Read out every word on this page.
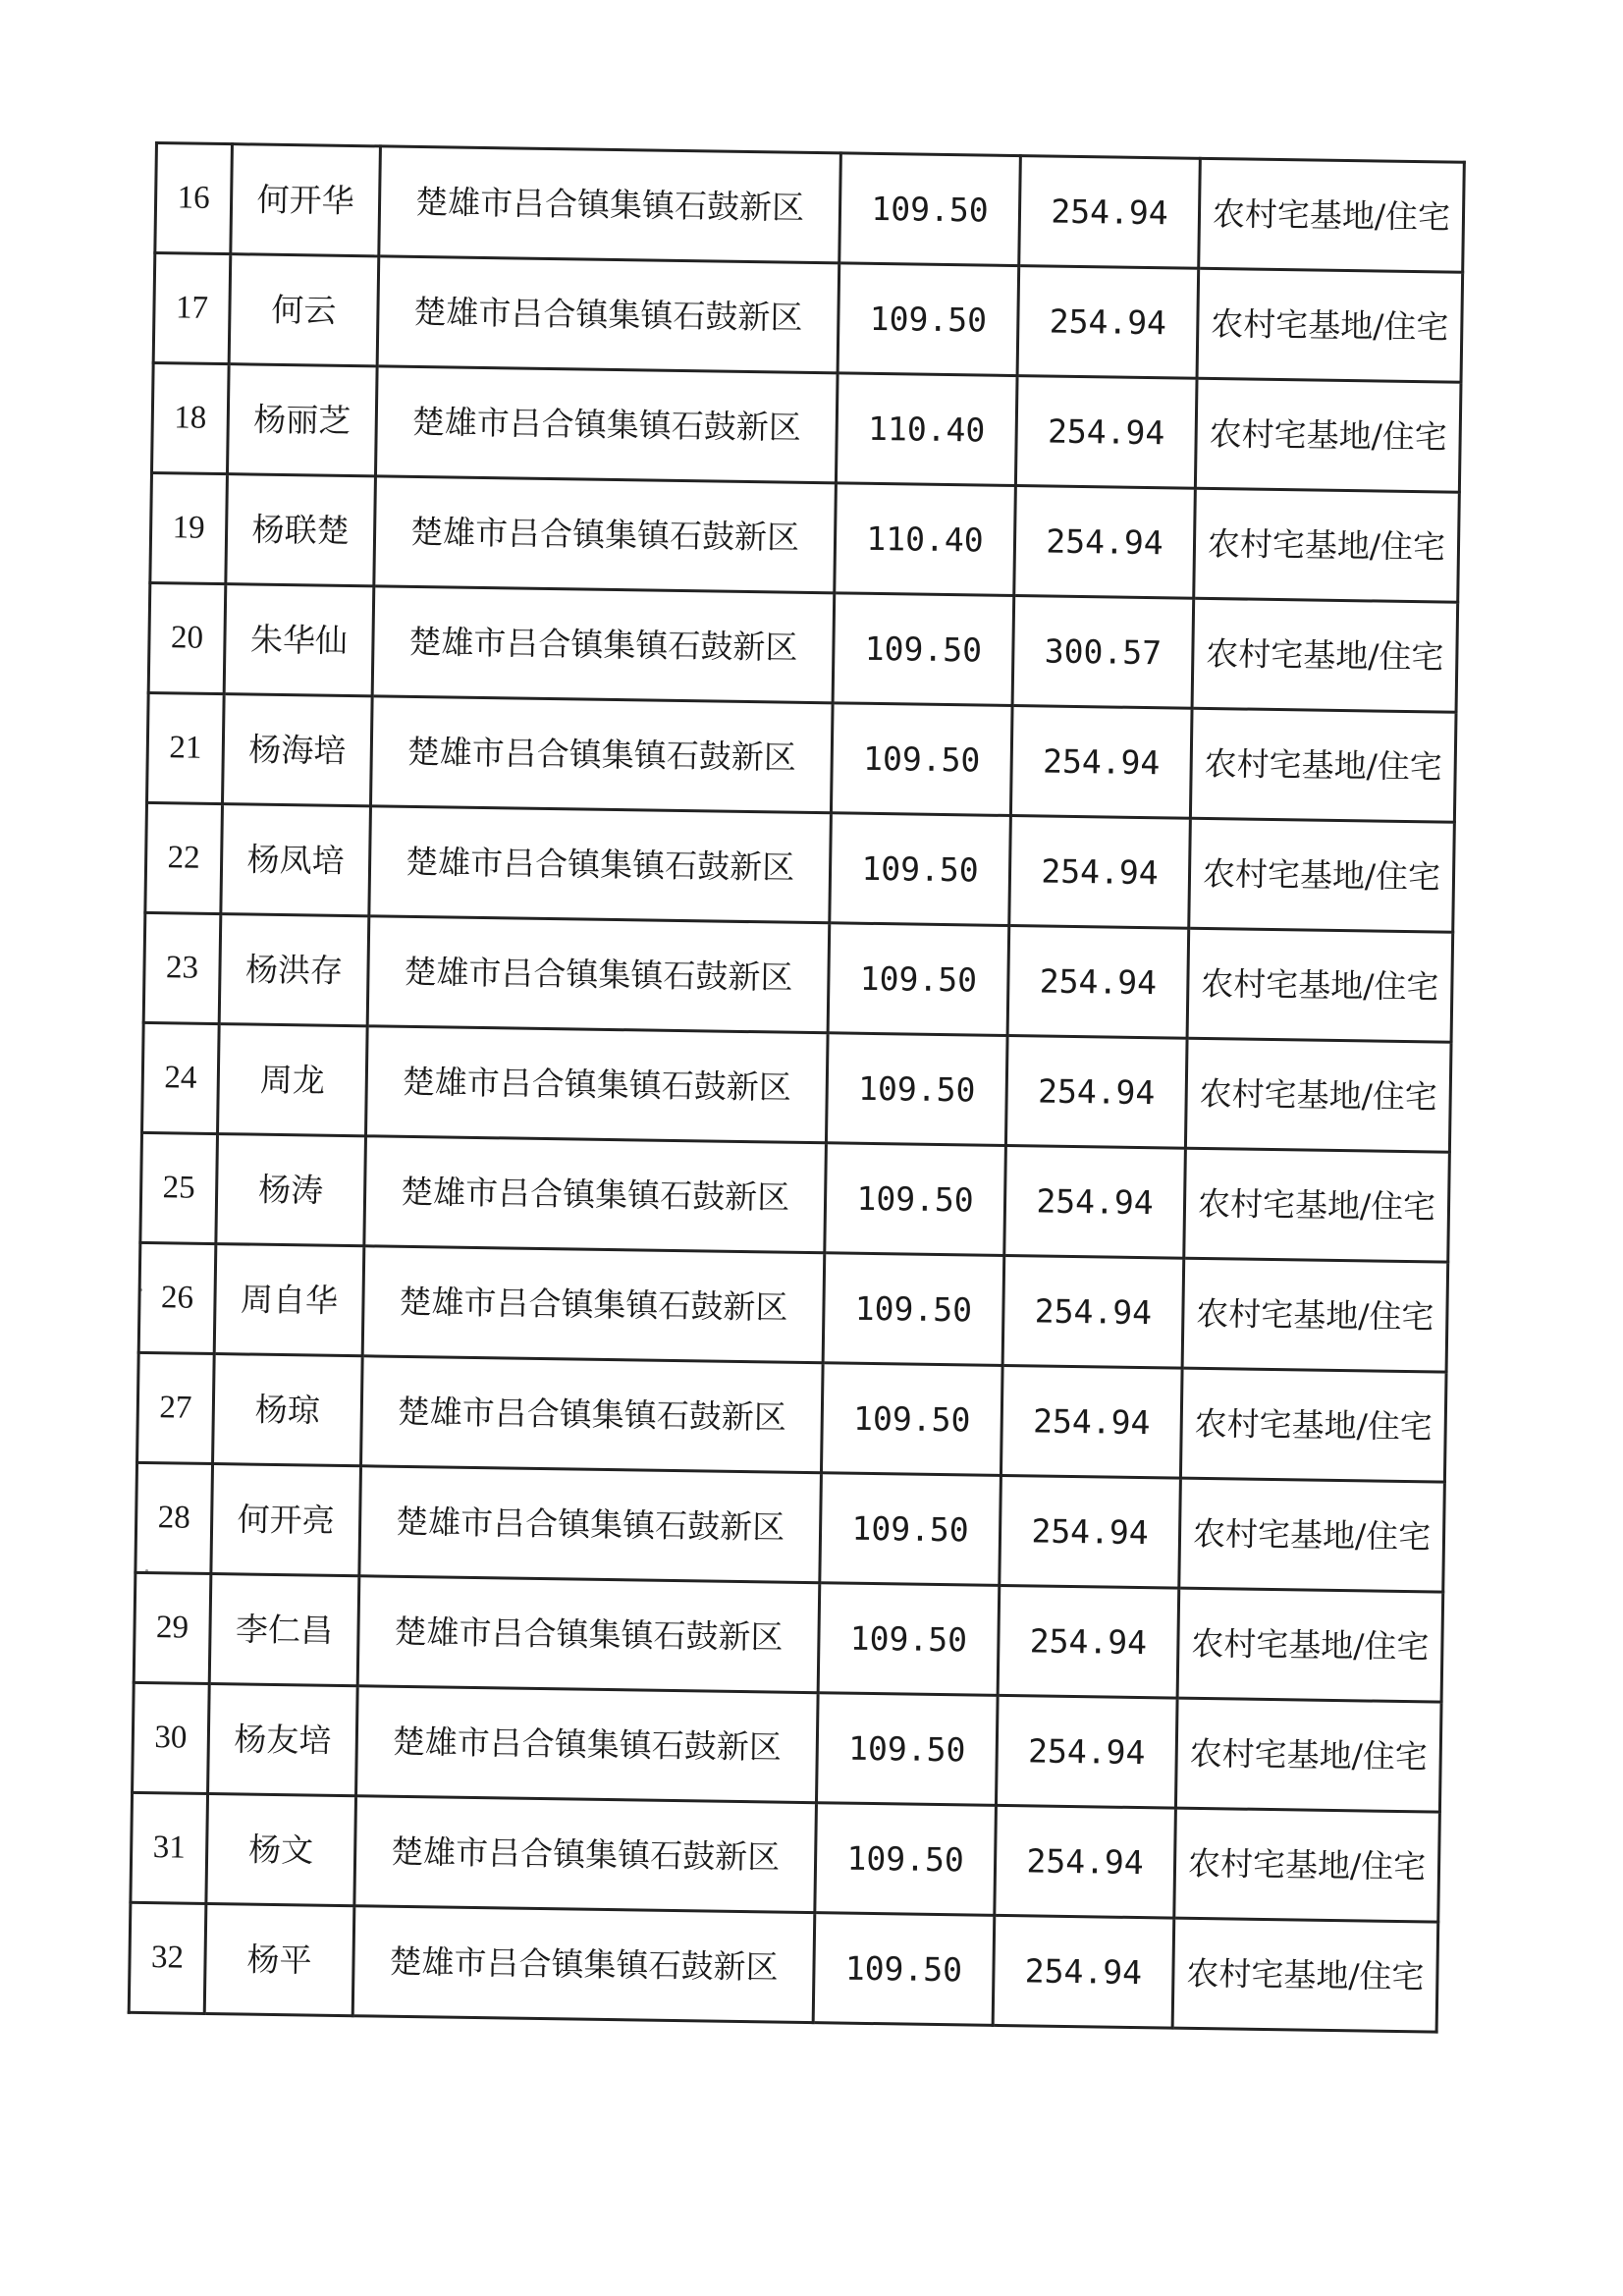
16	何开华	楚雄市吕合镇集镇石鼓新区	109.50	254.94	农村宅基地/住宅
17	何云	楚雄市吕合镇集镇石鼓新区	109.50	254.94	农村宅基地/住宅
18	杨丽芝	楚雄市吕合镇集镇石鼓新区	110.40	254.94	农村宅基地/住宅
19	杨联楚	楚雄市吕合镇集镇石鼓新区	110.40	254.94	农村宅基地/住宅
20	朱华仙	楚雄市吕合镇集镇石鼓新区	109.50	300.57	农村宅基地/住宅
21	杨海培	楚雄市吕合镇集镇石鼓新区	109.50	254.94	农村宅基地/住宅
22	杨凤培	楚雄市吕合镇集镇石鼓新区	109.50	254.94	农村宅基地/住宅
23	杨洪存	楚雄市吕合镇集镇石鼓新区	109.50	254.94	农村宅基地/住宅
24	周龙	楚雄市吕合镇集镇石鼓新区	109.50	254.94	农村宅基地/住宅
25	杨涛	楚雄市吕合镇集镇石鼓新区	109.50	254.94	农村宅基地/住宅
26	周自华	楚雄市吕合镇集镇石鼓新区	109.50	254.94	农村宅基地/住宅
27	杨琼	楚雄市吕合镇集镇石鼓新区	109.50	254.94	农村宅基地/住宅
28	何开亮	楚雄市吕合镇集镇石鼓新区	109.50	254.94	农村宅基地/住宅
29	李仁昌	楚雄市吕合镇集镇石鼓新区	109.50	254.94	农村宅基地/住宅
30	杨友培	楚雄市吕合镇集镇石鼓新区	109.50	254.94	农村宅基地/住宅
31	杨文	楚雄市吕合镇集镇石鼓新区	109.50	254.94	农村宅基地/住宅
32	杨平	楚雄市吕合镇集镇石鼓新区	109.50	254.94	农村宅基地/住宅
